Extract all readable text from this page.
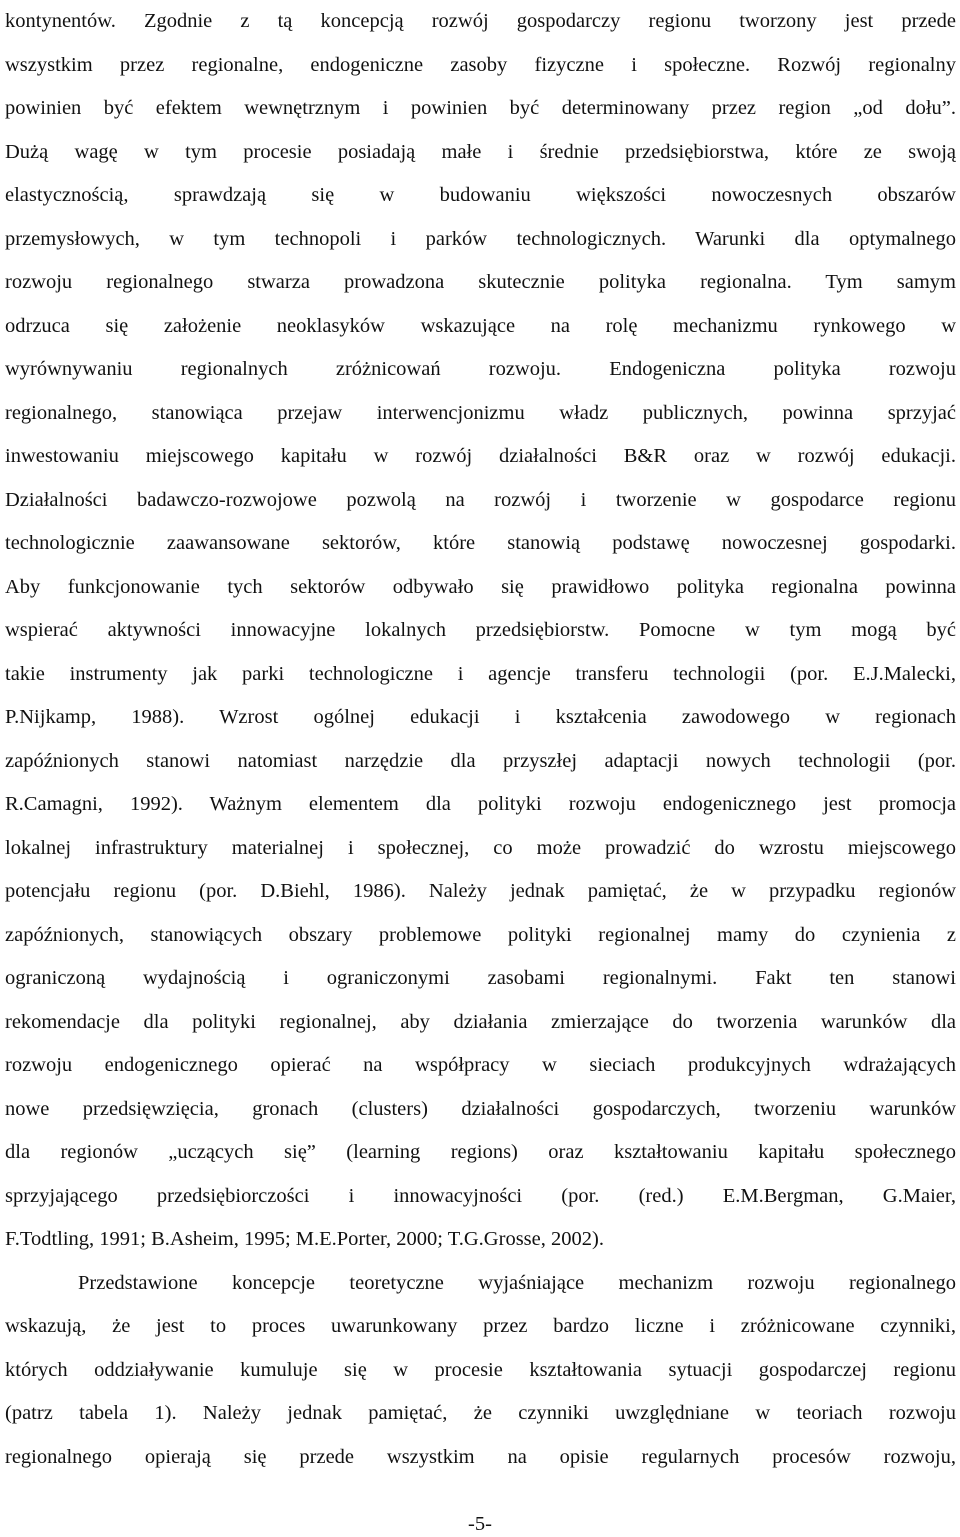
kontynentów. Zgodnie z tą koncepcją rozwój gospodarczy regionu tworzony jest przede
wszystkim przez regionalne, endogeniczne zasoby fizyczne i społeczne. Rozwój regionalny
powinien być efektem wewnętrznym i powinien być determinowany przez region „od dołu”.
Dużą wagę w tym procesie posiadają małe i średnie przedsiębiorstwa, które ze swoją
elastycznością, sprawdzają się w budowaniu większości nowoczesnych obszarów
przemysłowych, w tym technopoli i parków technologicznych. Warunki dla optymalnego
rozwoju regionalnego stwarza prowadzona skutecznie polityka regionalna. Tym samym
odrzuca się założenie neoklasyków wskazujące na rolę mechanizmu rynkowego w
wyrównywaniu regionalnych zróżnicowań rozwoju. Endogeniczna polityka rozwoju
regionalnego, stanowiąca przejaw interwencjonizmu władz publicznych, powinna sprzyjać
inwestowaniu miejscowego kapitału w rozwój działalności B&R oraz w rozwój edukacji.
Działalności badawczo-rozwojowe pozwolą na rozwój i tworzenie w gospodarce regionu
technologicznie zaawansowane sektorów, które stanowią podstawę nowoczesnej gospodarki.
Aby funkcjonowanie tych sektorów odbywało się prawidłowo polityka regionalna powinna
wspierać aktywności innowacyjne lokalnych przedsiębiorstw. Pomocne w tym mogą być
takie instrumenty jak parki technologiczne i agencje transferu technologii (por. E.J.Malecki,
P.Nijkamp, 1988). Wzrost ogólnej edukacji i kształcenia zawodowego w regionach
zapóźnionych stanowi natomiast narzędzie dla przyszłej adaptacji nowych technologii (por.
R.Camagni, 1992). Ważnym elementem dla polityki rozwoju endogenicznego jest promocja
lokalnej infrastruktury materialnej i społecznej, co może prowadzić do wzrostu miejscowego
potencjału regionu (por. D.Biehl, 1986). Należy jednak pamiętać, że w przypadku regionów
zapóźnionych, stanowiących obszary problemowe polityki regionalnej mamy do czynienia z
ograniczoną wydajnością i ograniczonymi zasobami regionalnymi. Fakt ten stanowi
rekomendacje dla polityki regionalnej, aby działania zmierzające do tworzenia warunków dla
rozwoju endogenicznego opierać na współpracy w sieciach produkcyjnych wdrażających
nowe przedsięwzięcia, gronach (clusters) działalności gospodarczych, tworzeniu warunków
dla regionów „uczących się” (learning regions) oraz kształtowaniu kapitału społecznego
sprzyjającego przedsiębiorczości i innowacyjności (por. (red.) E.M.Bergman, G.Maier,
F.Todtling, 1991; B.Asheim, 1995; M.E.Porter, 2000; T.G.Grosse, 2002).
Przedstawione koncepcje teoretyczne wyjaśniające mechanizm rozwoju regionalnego
wskazują, że jest to proces uwarunkowany przez bardzo liczne i zróżnicowane czynniki,
których oddziaływanie kumuluje się w procesie kształtowania sytuacji gospodarczej regionu
(patrz tabela 1). Należy jednak pamiętać, że czynniki uwzględniane w teoriach rozwoju
regionalnego opierają się przede wszystkim na opisie regularnych procesów rozwoju,
-5-
